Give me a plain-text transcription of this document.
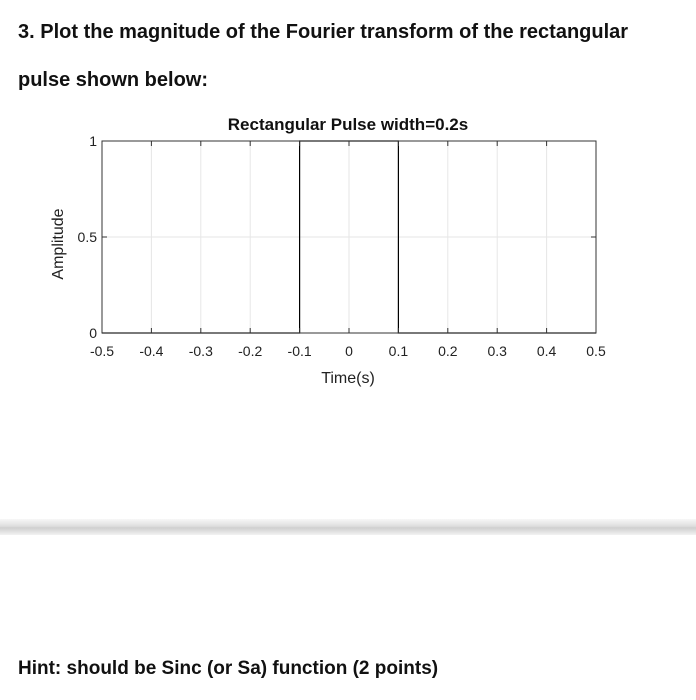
3. Plot the magnitude of the Fourier transform of the rectangular
pulse shown below:
Rectangular Pulse width=0.2s
-0.5 -0.4 -0.3 -0.2 -0.1 0	0.1 0.2 0.3 0.4 0.5
0
0.5
1
Time(s)
Amplitude
Hint: should be Sinc (or Sa) function (2 points)
